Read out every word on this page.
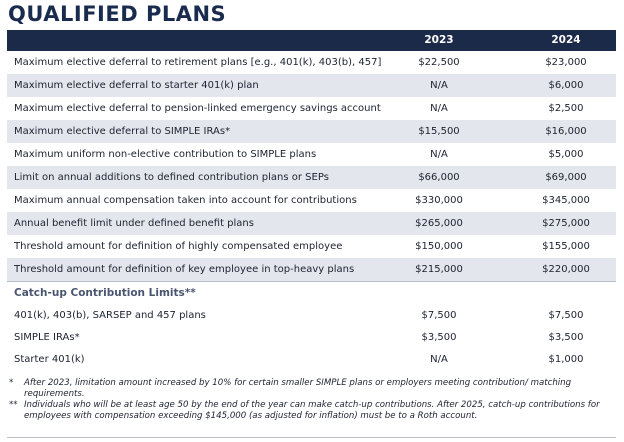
QUALIFIED PLANS
2023	2024
Maximum elective deferral to retirement plans [e.g., 401(k), 403(b), 457]	$22,500	$23,000
Maximum elective deferral to starter 401(k) plan	N/A	$6,000
Maximum elective deferral to pension-linked emergency savings account	N/A	$2,500
Maximum elective deferral to SIMPLE IRAs*	$15,500	$16,000
Maximum uniform non-elective contribution to SIMPLE plans	N/A	$5,000
Limit on annual additions to defined contribution plans or SEPs	$66,000	$69,000
Maximum annual compensation taken into account for contributions	$330,000	$345,000
Annual benefit limit under defined benefit plans	$265,000	$275,000
Threshold amount for definition of highly compensated employee	$150,000	$155,000
Threshold amount for definition of key employee in top-heavy plans	$215,000	$220,000
Catch-up Contribution Limits**
401(k), 403(b), SARSEP and 457 plans	$7,500	$7,500
SIMPLE IRAs*	$3,500	$3,500
Starter 401(k)	N/A	$1,000
* After 2023, limitation amount increased by 10% for certain smaller SIMPLE plans or employers meeting contribution/ matching requirements.
** Individuals who will be at least age 50 by the end of the year can make catch-up contributions. After 2025, catch-up contributions for employees with compensation exceeding $145,000 (as adjusted for inflation) must be to a Roth account.
